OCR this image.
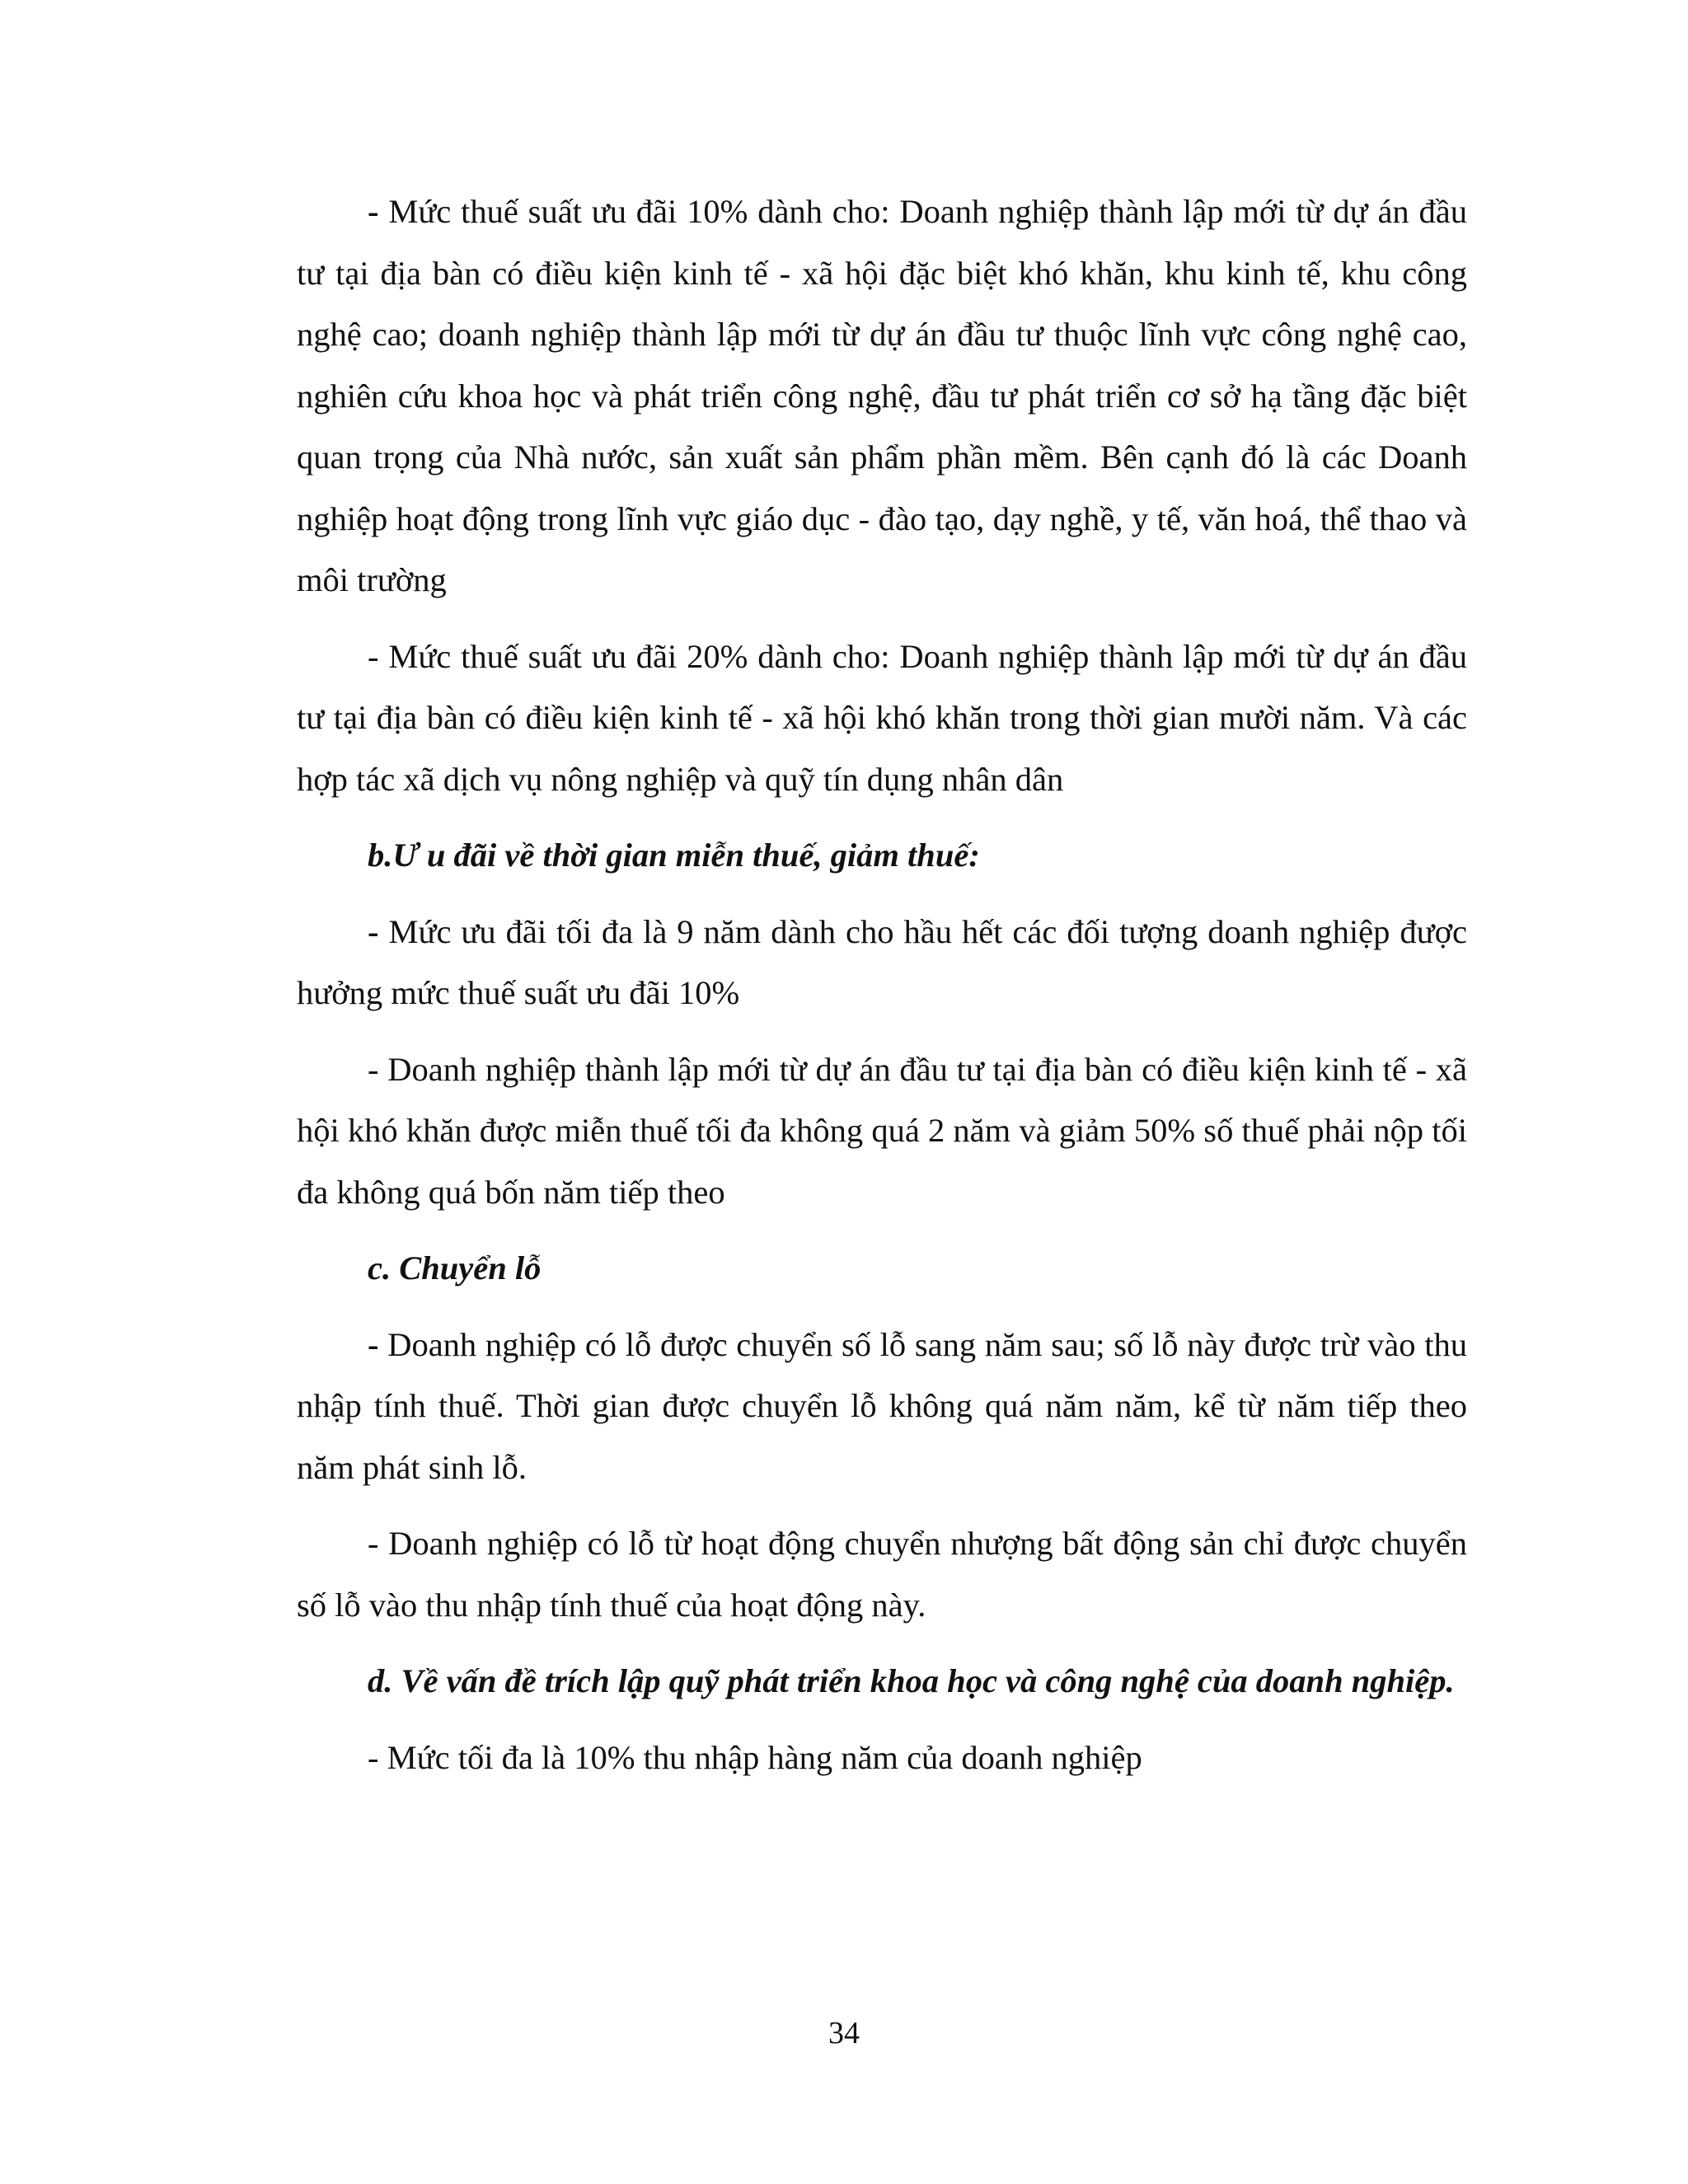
- Mức thuế suất ưu đãi 10% dành cho: Doanh nghiệp thành lập mới từ dự án đầu tư tại địa bàn có điều kiện kinh tế - xã hội đặc biệt khó khăn, khu kinh tế, khu công nghệ cao; doanh nghiệp thành lập mới từ dự án đầu tư thuộc lĩnh vực công nghệ cao, nghiên cứu khoa học và phát triển công nghệ, đầu tư phát triển cơ sở hạ tầng đặc biệt quan trọng của Nhà nước, sản xuất sản phẩm phần mềm. Bên cạnh đó là các Doanh nghiệp hoạt động trong lĩnh vực giáo dục - đào tạo, dạy nghề, y tế, văn hoá, thể thao và môi trường

- Mức thuế suất ưu đãi 20% dành cho: Doanh nghiệp thành lập mới từ dự án đầu tư tại địa bàn có điều kiện kinh tế - xã hội khó khăn trong thời gian mười năm. Và các hợp tác xã dịch vụ nông nghiệp và quỹ tín dụng nhân dân

b.Ư u đãi về thời gian miễn thuế, giảm thuế:

- Mức ưu đãi tối đa là 9 năm dành cho hầu hết các đối tượng doanh nghiệp được hưởng mức thuế suất ưu đãi 10%

- Doanh nghiệp thành lập mới từ dự án đầu tư tại địa bàn có điều kiện kinh tế - xã hội khó khăn được miễn thuế tối đa không quá 2 năm và giảm 50% số thuế phải nộp tối đa không quá bốn năm tiếp theo

c. Chuyển lỗ

- Doanh nghiệp có lỗ được chuyển số lỗ sang năm sau; số lỗ này được trừ vào thu nhập tính thuế. Thời gian được chuyển lỗ không quá năm năm, kể từ năm tiếp theo năm phát sinh lỗ.

- Doanh nghiệp có lỗ từ hoạt động chuyển nhượng bất động sản chỉ được chuyển số lỗ vào thu nhập tính thuế của hoạt động này.

d. Về vấn đề trích lập quỹ phát triển khoa học và công nghệ của doanh nghiệp.

- Mức tối đa là 10% thu nhập hàng năm của doanh nghiệp

34
